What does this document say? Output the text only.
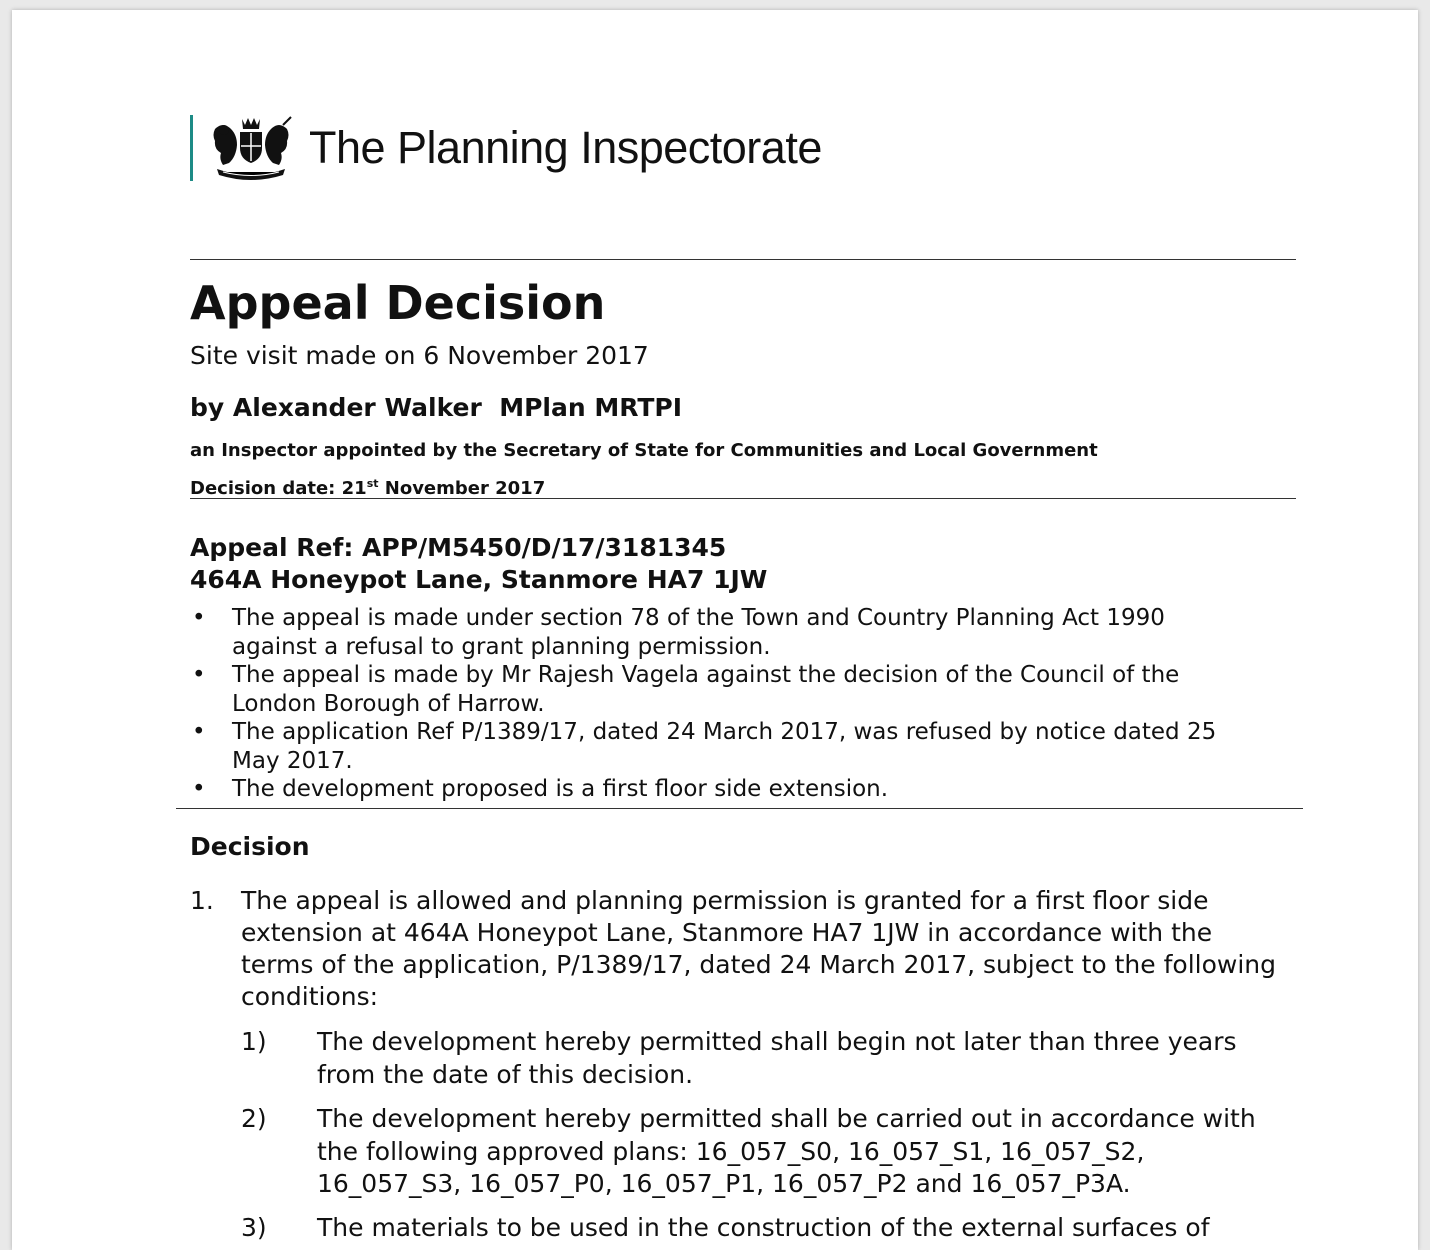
The Planning Inspectorate
Appeal Decision
Site visit made on 6 November 2017
by Alexander Walker  MPlan MRTPI
an Inspector appointed by the Secretary of State for Communities and Local Government
Decision date: 21st November 2017
Appeal Ref: APP/M5450/D/17/3181345
464A Honeypot Lane, Stanmore HA7 1JW
• The appeal is made under section 78 of the Town and Country Planning Act 1990 against a refusal to grant planning permission.
• The appeal is made by Mr Rajesh Vagela against the decision of the Council of the London Borough of Harrow.
• The application Ref P/1389/17, dated 24 March 2017, was refused by notice dated 25 May 2017.
• The development proposed is a first floor side extension.
Decision
1.	The appeal is allowed and planning permission is granted for a first floor side extension at 464A Honeypot Lane, Stanmore HA7 1JW in accordance with the terms of the application, P/1389/17, dated 24 March 2017, subject to the following conditions:
1)	The development hereby permitted shall begin not later than three years from the date of this decision.
2)	The development hereby permitted shall be carried out in accordance with the following approved plans: 16_057_S0, 16_057_S1, 16_057_S2, 16_057_S3, 16_057_P0, 16_057_P1, 16_057_P2 and 16_057_P3A.
3)	The materials to be used in the construction of the external surfaces of
